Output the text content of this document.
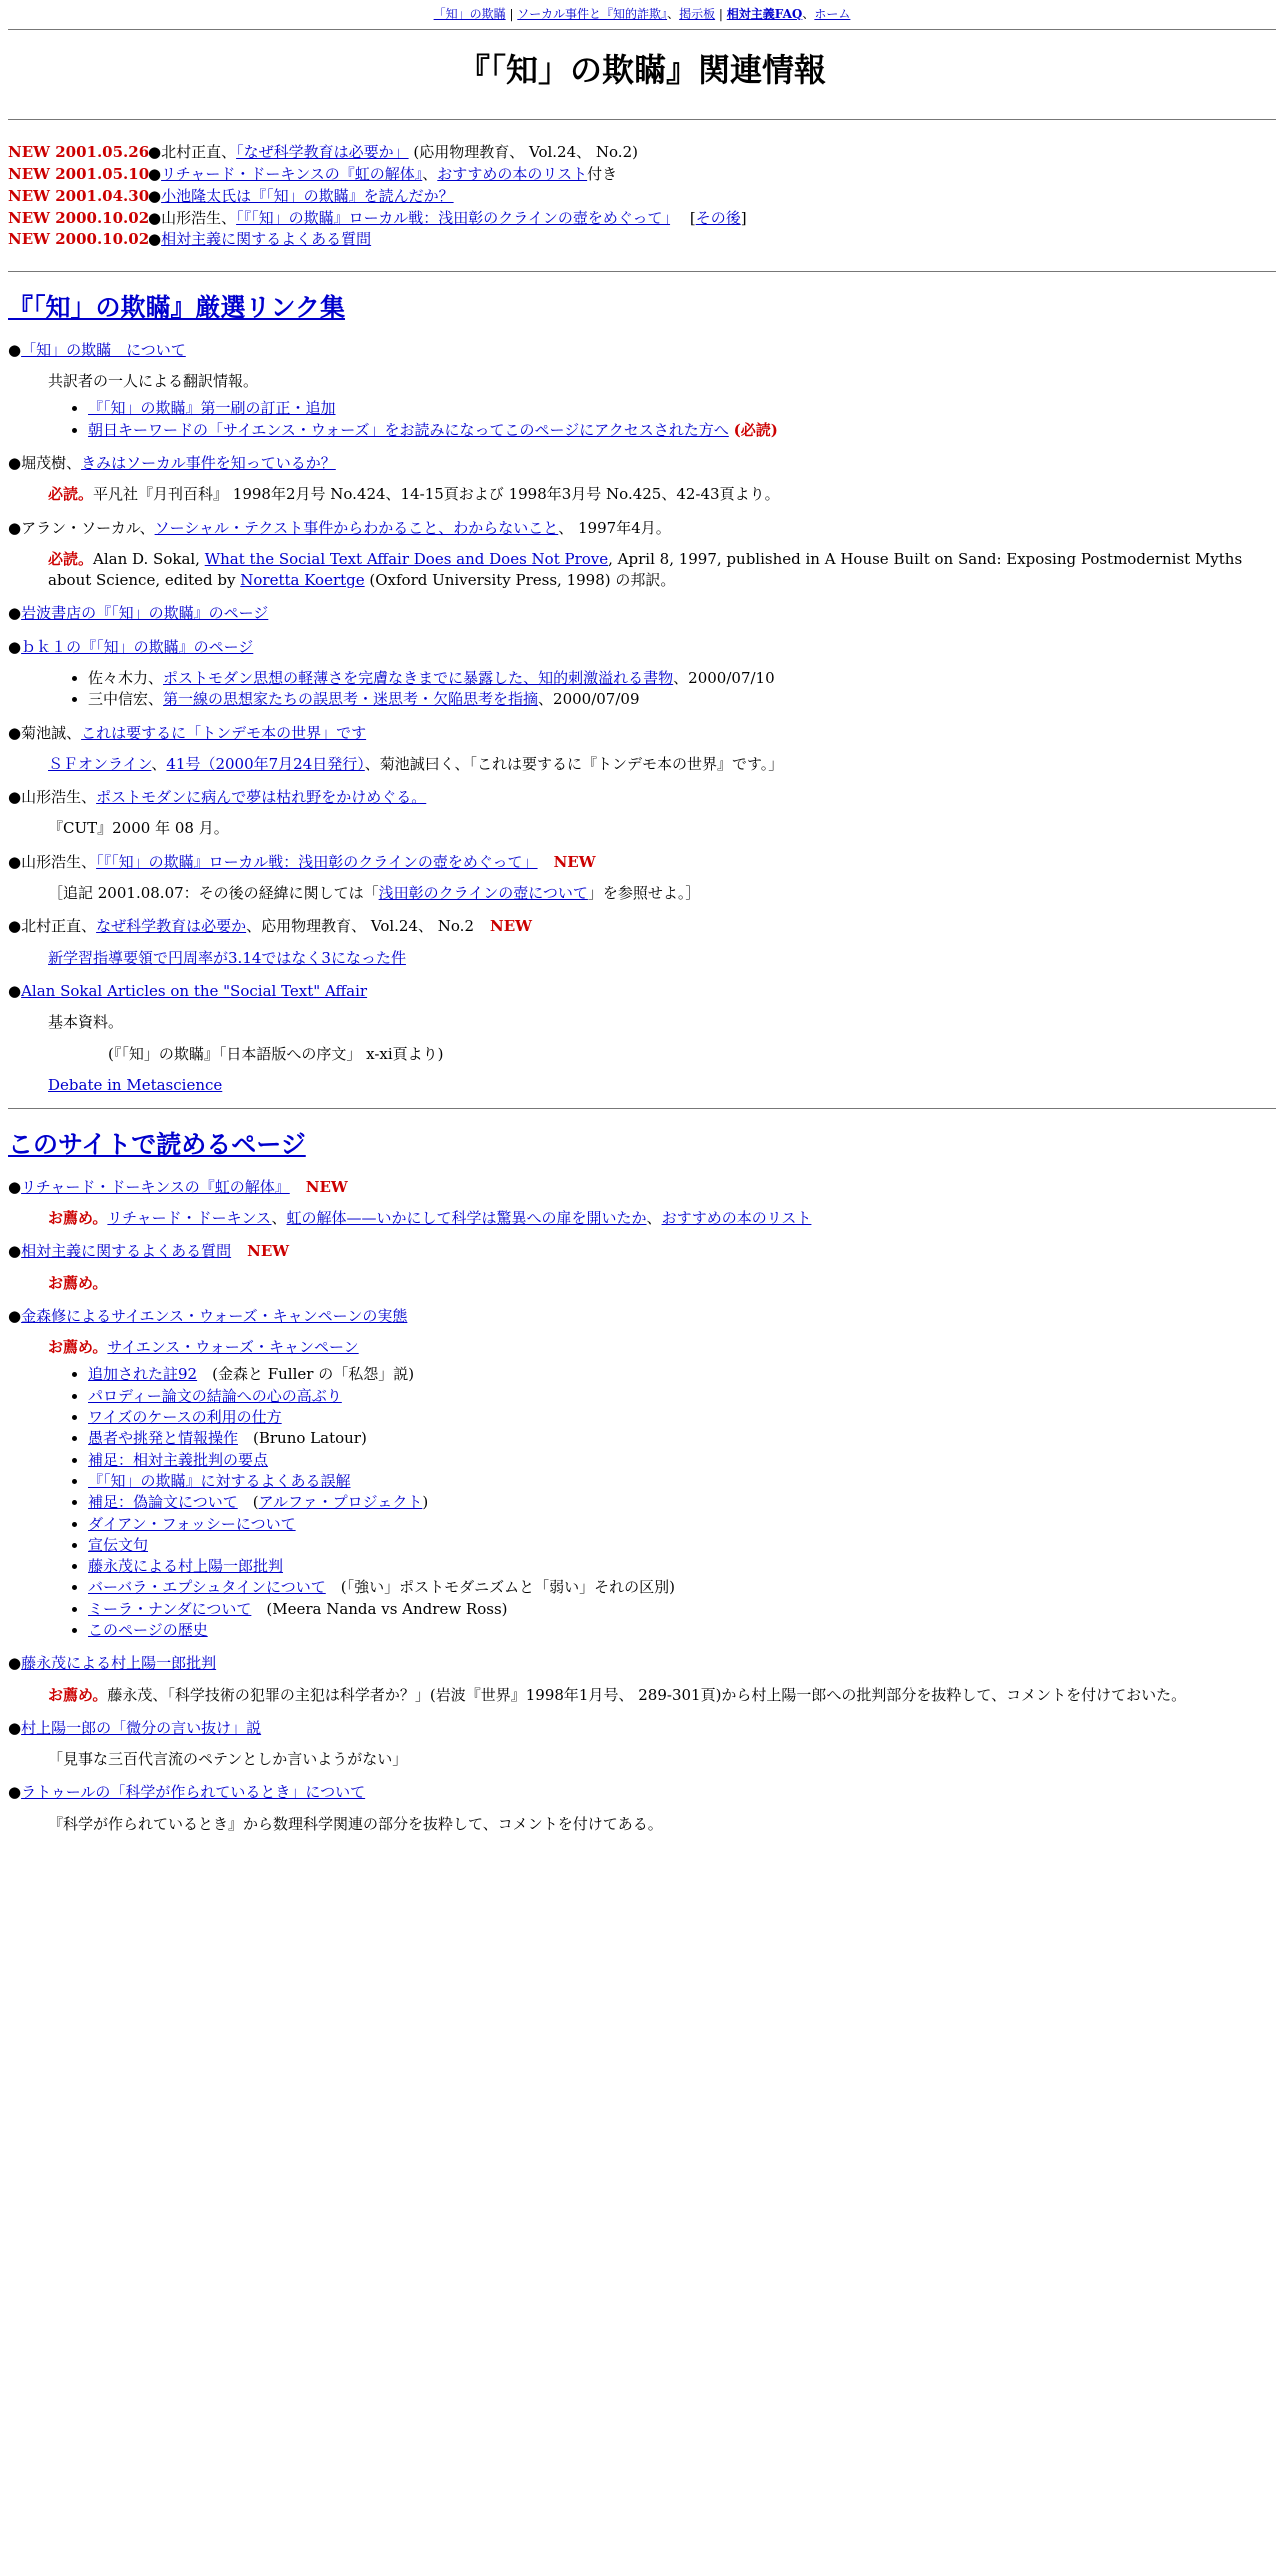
「知」の欺瞞 | ソーカル事件と『知的詐欺』、掲示板 | 相対主義FAQ、ホーム
『「知」の欺瞞』関連情報
NEW 2001.05.26●北村正直、「なぜ科学教育は必要か」 (応用物理教育、 Vol.24、 No.2)
NEW 2001.05.10●リチャード・ドーキンスの『虹の解体』、おすすめの本のリスト付き
NEW 2001.04.30●小池隆太氏は『「知」の欺瞞』を読んだか？
NEW 2000.10.02●山形浩生、「『「知」の欺瞞』ローカル戦：浅田彰のクラインの壺をめぐって」　 [その後]
NEW 2000.10.02●相対主義に関するよくある質問
『「知」の欺瞞』厳選リンク集
●「知」の欺瞞　について
共訳者の一人による翻訳情報。
• 『「知」の欺瞞』第一刷の訂正・追加
• 朝日キーワードの「サイエンス・ウォーズ」をお読みになってこのページにアクセスされた方へ (必読)
●堀茂樹、きみはソーカル事件を知っているか？
必読。平凡社『月刊百科』 1998年2月号 No.424、14-15頁および 1998年3月号 No.425、42-43頁より。
●アラン・ソーカル、ソーシャル・テクスト事件からわかること、わからないこと、 1997年4月。
必読。Alan D. Sokal, What the Social Text Affair Does and Does Not Prove, April 8, 1997, published in A House Built on Sand: Exposing Postmodernist Myths about Science, edited by Noretta Koertge (Oxford University Press, 1998) の邦訳。
●岩波書店の『「知」の欺瞞』のページ
●ｂｋ１の『「知」の欺瞞』のページ
• 佐々木力、ポストモダン思想の軽薄さを完膚なきまでに暴露した、知的刺激溢れる書物、2000/07/10
• 三中信宏、第一線の思想家たちの誤思考・迷思考・欠陥思考を指摘、2000/07/09
●菊池誠、これは要するに「トンデモ本の世界」です
ＳＦオンライン、41号（2000年7月24日発行）、菊池誠曰く、「これは要するに『トンデモ本の世界』です。」
●山形浩生、ポストモダンに病んで夢は枯れ野をかけめぐる。
『CUT』2000 年 08 月。
●山形浩生、「『「知」の欺瞞』ローカル戦：浅田彰のクラインの壺をめぐって」 NEW
［追記 2001.08.07：その後の経緯に関しては「浅田彰のクラインの壺について」を参照せよ。］
●北村正直、なぜ科学教育は必要か、応用物理教育、 Vol.24、 No.2 NEW
新学習指導要領で円周率が3.14ではなく3になった件
●Alan Sokal Articles on the "Social Text" Affair
基本資料。
(『「知」の欺瞞』「日本語版への序文」 x-xi頁より)
Debate in Metascience
このサイトで読めるページ
●リチャード・ドーキンスの『虹の解体』 NEW
お薦め。リチャード・ドーキンス、虹の解体——いかにして科学は驚異への扉を開いたか、おすすめの本のリスト
●相対主義に関するよくある質問 NEW
お薦め。
●金森修によるサイエンス・ウォーズ・キャンペーンの実態
お薦め。サイエンス・ウォーズ・キャンペーン
• 追加された註92　(金森と Fuller の「私怨」説)
• パロディー論文の結論への心の高ぶり
• ワイズのケースの利用の仕方
• 愚者や挑発と情報操作　(Bruno Latour)
• 補足：相対主義批判の要点
• 『「知」の欺瞞』に対するよくある誤解
• 補足：偽論文について　(アルファ・プロジェクト)
• ダイアン・フォッシーについて
• 宣伝文句
• 藤永茂による村上陽一郎批判
• バーバラ・エプシュタインについて　(「強い」ポストモダニズムと「弱い」それの区別)
• ミーラ・ナンダについて　(Meera Nanda vs Andrew Ross)
• このページの歴史
●藤永茂による村上陽一郎批判
お薦め。藤永茂、「科学技術の犯罪の主犯は科学者か？」(岩波『世界』1998年1月号、 289-301頁)から村上陽一郎への批判部分を抜粋して、コメントを付けておいた。
●村上陽一郎の「微分の言い抜け」説
「見事な三百代言流のペテンとしか言いようがない」
●ラトゥールの「科学が作られているとき」について
『科学が作られているとき』から数理科学関連の部分を抜粋して、コメントを付けてある。
